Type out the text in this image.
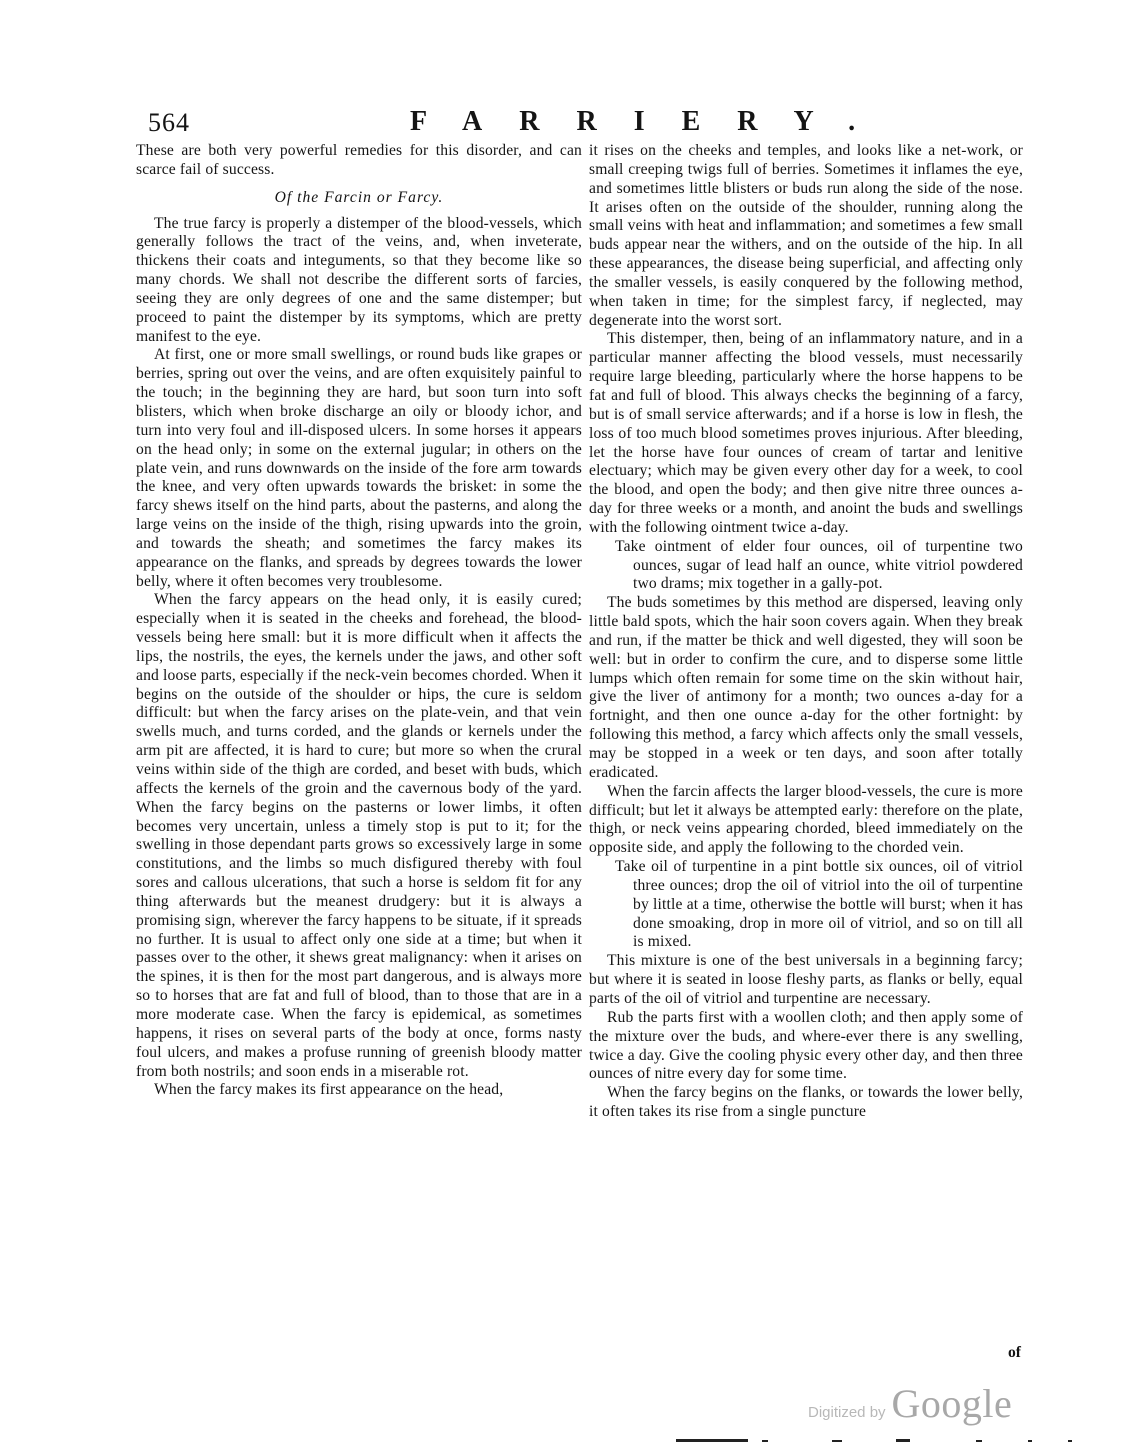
564	FARRIERY.

These are both very powerful remedies for this disorder, and can scarce fail of success.

Of the Farcin or Farcy.

The true farcy is properly a distemper of the blood-vessels, which generally follows the tract of the veins, and, when inveterate, thickens their coats and integuments, so that they become like so many chords. We shall not describe the different sorts of farcies, seeing they are only degrees of one and the same distemper; but proceed to paint the distemper by its symptoms, which are pretty manifest to the eye.

At first, one or more small swellings, or round buds like grapes or berries, spring out over the veins, and are often exquisitely painful to the touch; in the beginning they are hard, but soon turn into soft blisters, which when broke discharge an oily or bloody ichor, and turn into very foul and ill-disposed ulcers. In some horses it appears on the head only; in some on the external jugular; in others on the plate vein, and runs downwards on the inside of the fore arm towards the knee, and very often upwards towards the brisket: in some the farcy shews itself on the hind parts, about the pasterns, and along the large veins on the inside of the thigh, rising upwards into the groin, and towards the sheath; and sometimes the farcy makes its appearance on the flanks, and spreads by degrees towards the lower belly, where it often becomes very troublesome.

When the farcy appears on the head only, it is easily cured; especially when it is seated in the cheeks and forehead, the blood-vessels being here small: but it is more difficult when it affects the lips, the nostrils, the eyes, the kernels under the jaws, and other soft and loose parts, especially if the neck-vein becomes chorded. When it begins on the outside of the shoulder or hips, the cure is seldom difficult: but when the farcy arises on the plate-vein, and that vein swells much, and turns corded, and the glands or kernels under the arm pit are affected, it is hard to cure; but more so when the crural veins within side of the thigh are corded, and beset with buds, which affects the kernels of the groin and the cavernous body of the yard. When the farcy begins on the pasterns or lower limbs, it often becomes very uncertain, unless a timely stop is put to it; for the swelling in those dependant parts grows so excessively large in some constitutions, and the limbs so much disfigured thereby with foul sores and callous ulcerations, that such a horse is seldom fit for any thing afterwards but the meanest drudgery: but it is always a promising sign, wherever the farcy happens to be situate, if it spreads no further. It is usual to affect only one side at a time; but when it passes over to the other, it shews great malignancy: when it arises on the spines, it is then for the most part dangerous, and is always more so to horses that are fat and full of blood, than to those that are in a more moderate case. When the farcy is epidemical, as sometimes happens, it rises on several parts of the body at once, forms nasty foul ulcers, and makes a profuse running of greenish bloody matter from both nostrils; and soon ends in a miserable rot.

When the farcy makes its first appearance on the head,

it rises on the cheeks and temples, and looks like a net-work, or small creeping twigs full of berries. Sometimes it inflames the eye, and sometimes little blisters or buds run along the side of the nose. It arises often on the outside of the shoulder, running along the small veins with heat and inflammation; and sometimes a few small buds appear near the withers, and on the outside of the hip. In all these appearances, the disease being superficial, and affecting only the smaller vessels, is easily conquered by the following method, when taken in time; for the simplest farcy, if neglected, may degenerate into the worst sort.

This distemper, then, being of an inflammatory nature, and in a particular manner affecting the blood vessels, must necessarily require large bleeding, particularly where the horse happens to be fat and full of blood. This always checks the beginning of a farcy, but is of small service afterwards; and if a horse is low in flesh, the loss of too much blood sometimes proves injurious. After bleeding, let the horse have four ounces of cream of tartar and lenitive electuary; which may be given every other day for a week, to cool the blood, and open the body; and then give nitre three ounces a-day for three weeks or a month, and anoint the buds and swellings with the following ointment twice a-day.

Take ointment of elder four ounces, oil of turpentine two ounces, sugar of lead half an ounce, white vitriol powdered two drams; mix together in a gally-pot.

The buds sometimes by this method are dispersed, leaving only little bald spots, which the hair soon covers again. When they break and run, if the matter be thick and well digested, they will soon be well: but in order to confirm the cure, and to disperse some little lumps which often remain for some time on the skin without hair, give the liver of antimony for a month; two ounces a-day for a fortnight, and then one ounce a-day for the other fortnight: by following this method, a farcy which affects only the small vessels, may be stopped in a week or ten days, and soon after totally eradicated.

When the farcin affects the larger blood-vessels, the cure is more difficult; but let it always be attempted early: therefore on the plate, thigh, or neck veins appearing chorded, bleed immediately on the opposite side, and apply the following to the chorded vein.

Take oil of turpentine in a pint bottle six ounces, oil of vitriol three ounces; drop the oil of vitriol into the oil of turpentine by little at a time, otherwise the bottle will burst; when it has done smoaking, drop in more oil of vitriol, and so on till all is mixed.

This mixture is one of the best universals in a beginning farcy; but where it is seated in loose fleshy parts, as flanks or belly, equal parts of the oil of vitriol and turpentine are necessary.

Rub the parts first with a woollen cloth; and then apply some of the mixture over the buds, and where-ever there is any swelling, twice a day. Give the cooling physic every other day, and then three ounces of nitre every day for some time.

When the farcy begins on the flanks, or towards the lower belly, it often takes its rise from a single puncture

of
Digitized by Google
